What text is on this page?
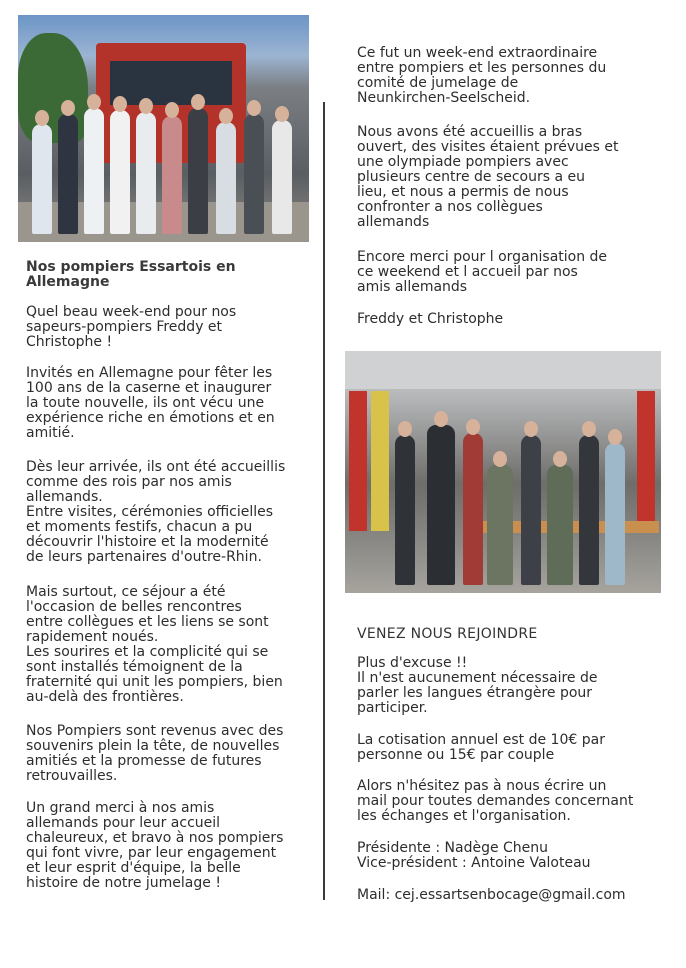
Nos pompiers Essartois en
Allemagne

Quel beau week-end pour nos
sapeurs-pompiers Freddy et
Christophe !

Invités en Allemagne pour fêter les
100 ans de la caserne et inaugurer
la toute nouvelle, ils ont vécu une
expérience riche en émotions et en
amitié.

Dès leur arrivée, ils ont été accueillis
comme des rois par nos amis
allemands.
Entre visites, cérémonies officielles
et moments festifs, chacun a pu
découvrir l'histoire et la modernité
de leurs partenaires d'outre-Rhin.

Mais surtout, ce séjour a été
l'occasion de belles rencontres
entre collègues et les liens se sont
rapidement noués.
Les sourires et la complicité qui se
sont installés témoignent de la
fraternité qui unit les pompiers, bien
au-delà des frontières.

Nos Pompiers sont revenus avec des
souvenirs plein la tête, de nouvelles
amitiés et la promesse de futures
retrouvailles.

Un grand merci à nos amis
allemands pour leur accueil
chaleureux, et bravo à nos pompiers
qui font vivre, par leur engagement
et leur esprit d'équipe, la belle
histoire de notre jumelage !

Ce fut un week-end extraordinaire
entre pompiers et les personnes du
comité de jumelage de
Neunkirchen-Seelscheid.

Nous avons été accueillis a bras
ouvert, des visites étaient prévues et
une olympiade pompiers avec
plusieurs centre de secours a eu
lieu, et nous a permis de nous
confronter a nos collègues
allemands

Encore merci pour l organisation de
ce weekend et l accueil par nos
amis allemands

Freddy et Christophe

VENEZ NOUS REJOINDRE

Plus d'excuse !!
Il n'est aucunement nécessaire de
parler les langues étrangère pour
participer.

La cotisation annuel est de 10€ par
personne ou 15€ par couple

Alors n'hésitez pas à nous écrire un
mail pour toutes demandes concernant
les échanges et l'organisation.

Présidente : Nadège Chenu
Vice-président : Antoine Valoteau

Mail: cej.essartsenbocage@gmail.com
